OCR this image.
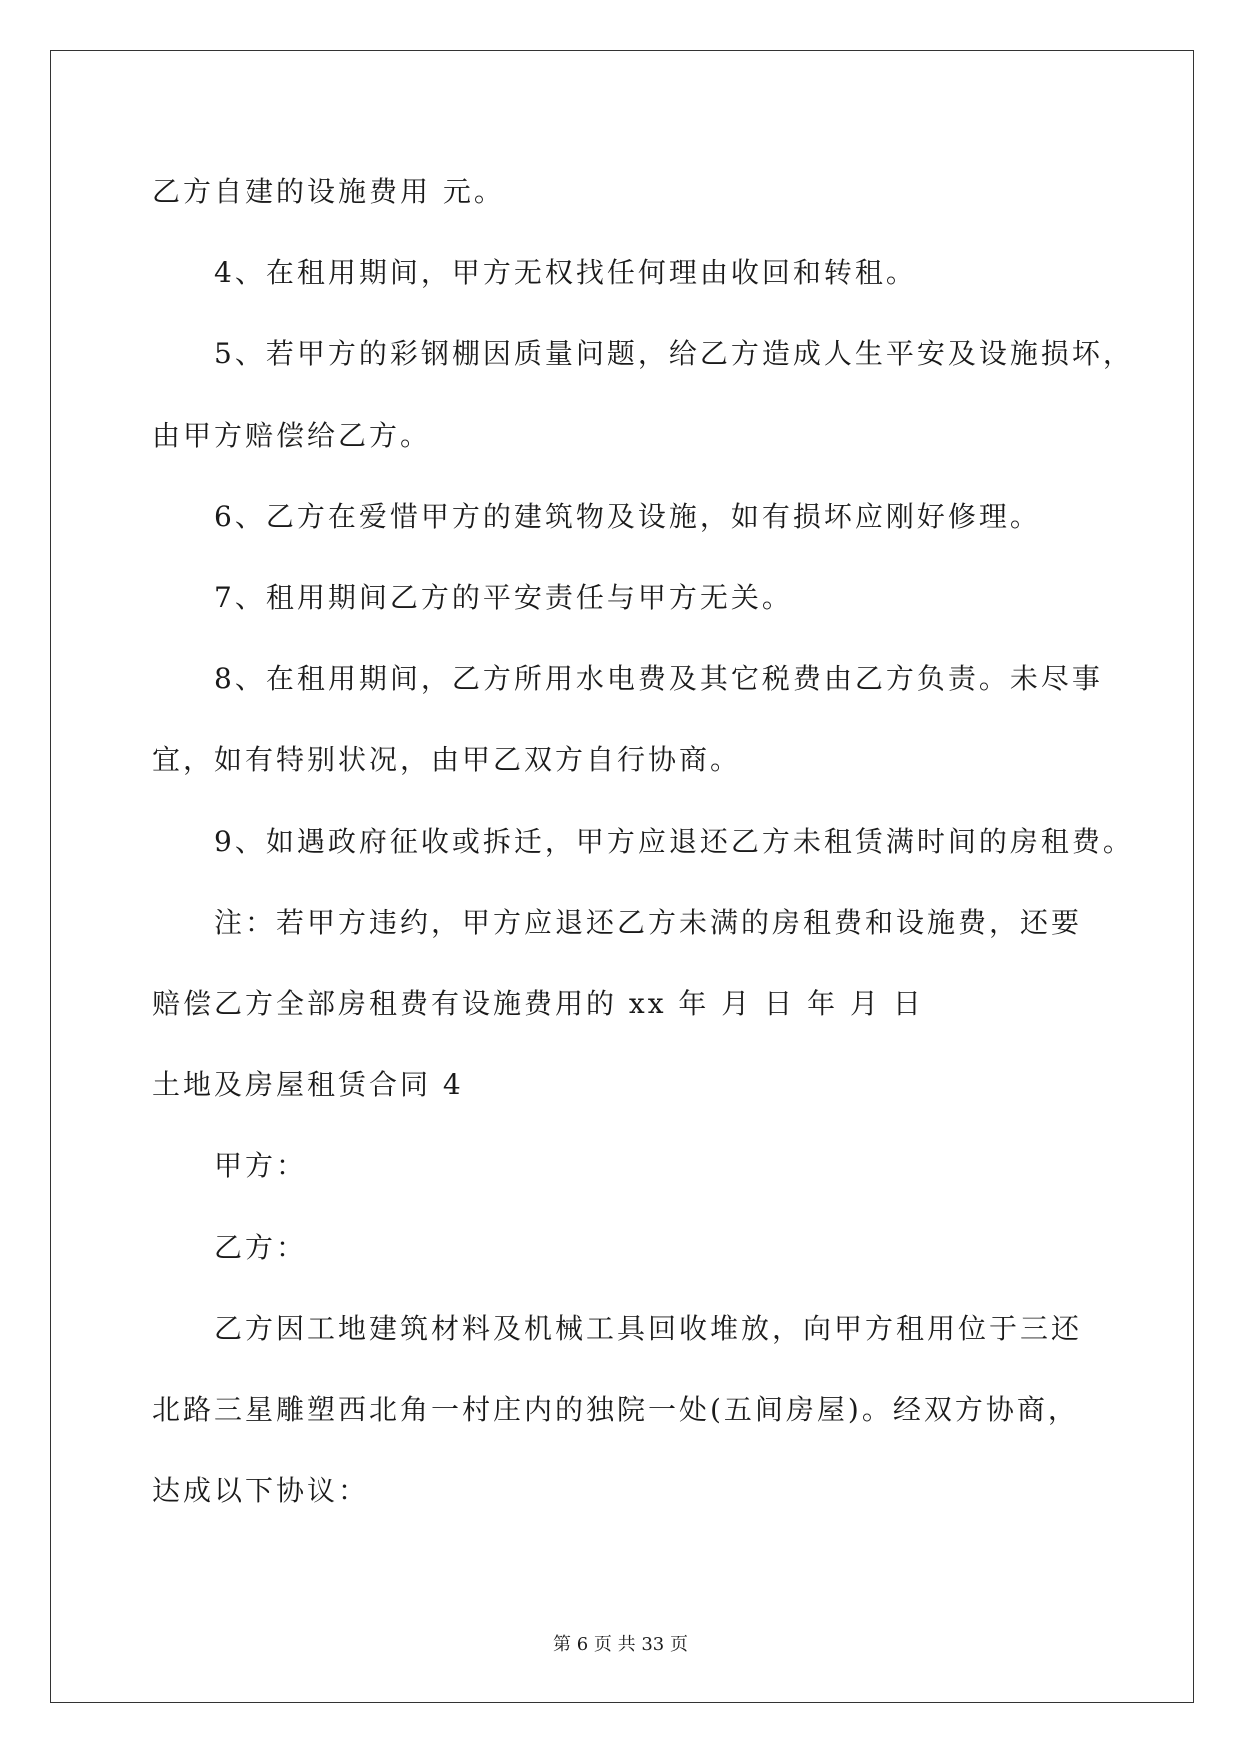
乙方自建的设施费用 元。
4、在租用期间，甲方无权找任何理由收回和转租。
5、若甲方的彩钢棚因质量问题，给乙方造成人生平安及设施损坏，
由甲方赔偿给乙方。
6、乙方在爱惜甲方的建筑物及设施，如有损坏应刚好修理。
7、租用期间乙方的平安责任与甲方无关。
8、在租用期间，乙方所用水电费及其它税费由乙方负责。未尽事
宜，如有特别状况，由甲乙双方自行协商。
9、如遇政府征收或拆迁，甲方应退还乙方未租赁满时间的房租费。
注：若甲方违约，甲方应退还乙方未满的房租费和设施费，还要
赔偿乙方全部房租费有设施费用的 xx 年 月 日 年 月 日
土地及房屋租赁合同 4
甲方：
乙方：
乙方因工地建筑材料及机械工具回收堆放，向甲方租用位于三还
北路三星雕塑西北角一村庄内的独院一处(五间房屋)。经双方协商，
达成以下协议：
第 6 页 共 33 页
